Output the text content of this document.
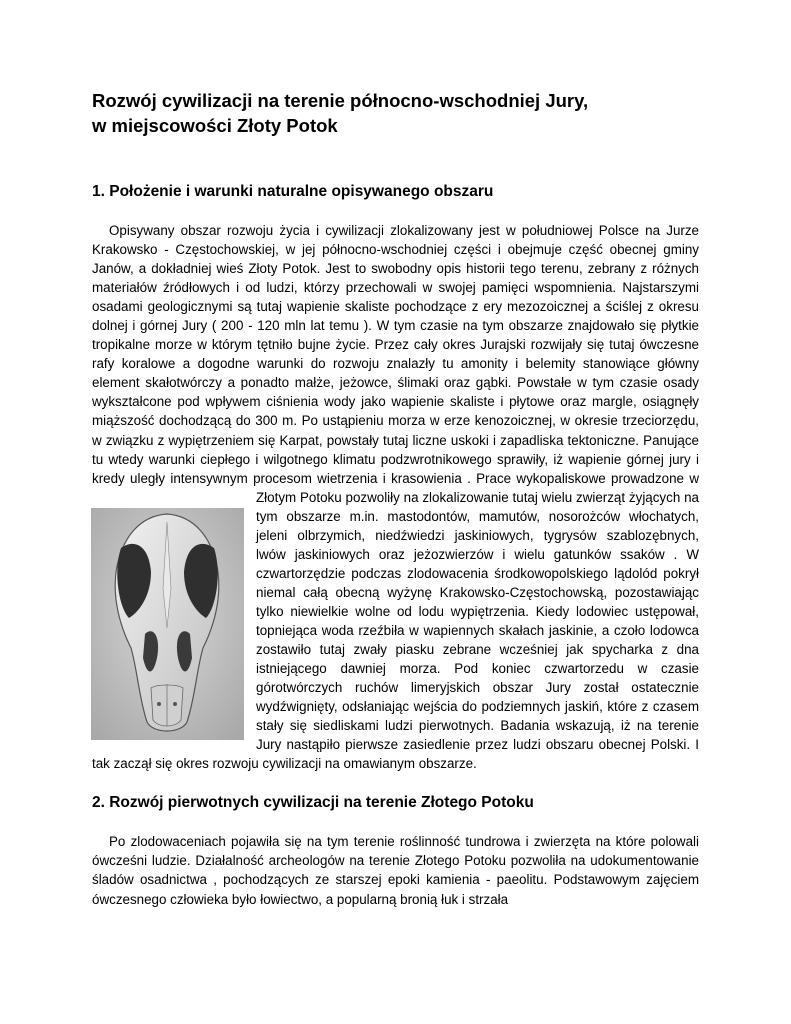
Rozwój cywilizacji na terenie północno-wschodniej Jury,
w miejscowości Złoty Potok
1. Położenie i warunki naturalne opisywanego obszaru

Opisywany obszar rozwoju życia i cywilizacji zlokalizowany jest w południowej Polsce na Jurze Krakowsko - Częstochowskiej, w jej północno-wschodniej części i obejmuje część obecnej gminy Janów, a dokładniej wieś Złoty Potok. Jest to swobodny opis historii tego terenu, zebrany z różnych materiałów źródłowych i od ludzi, którzy przechowali w swojej pamięci wspomnienia. Najstarszymi osadami geologicznymi są tutaj wapienie skaliste pochodzące z ery mezozoicznej a ściślej z okresu dolnej i górnej Jury ( 200 - 120 mln lat temu ). W tym czasie na tym obszarze znajdowało się płytkie tropikalne morze w którym tętniło bujne życie. Przez cały okres Jurajski rozwijały się tutaj ówczesne rafy koralowe a dogodne warunki do rozwoju znalazły tu amonity i belemity stanowiące główny element skałotwórczy a ponadto małże, jeżowce, ślimaki oraz gąbki. Powstałe w tym czasie osady wykształcone pod wpływem ciśnienia wody jako wapienie skaliste i płytowe oraz margle, osiągnęły miąższość dochodzącą do 300 m. Po ustąpieniu morza w erze kenozoicznej, w okresie trzeciorzędu, w związku z wypiętrzeniem się Karpat, powstały tutaj liczne uskoki i zapadliska tektoniczne. Panujące tu wtedy warunki ciepłego i wilgotnego klimatu podzwrotnikowego sprawiły, iż wapienie górnej jury i kredy uległy intensywnym procesom wietrzenia i krasowienia . Prace wykopaliskowe prowadzone w Złotym Potoku pozwoliły na zlokalizowanie tutaj wielu zwierząt żyjących na tym obszarze m.in. mastodontów, mamutów, nosorożców włochatych, jeleni olbrzymich, niedźwiedzi jaskiniowych, tygrysów szablozębnych, lwów jaskiniowych oraz jeżozwierzów i wielu gatunków ssaków . W czwartorzędzie podczas zlodowacenia środkowopolskiego lądolód pokrył niemal całą obecną wyżynę Krakowsko-Częstochowską, pozostawiając tylko niewielkie wolne od lodu wypiętrzenia. Kiedy lodowiec ustępował, topniejąca woda rzeźbiła w wapiennych skałach jaskinie, a czoło lodowca zostawiło tutaj zwały piasku zebrane wcześniej jak spycharka z dna istniejącego dawniej morza. Pod koniec czwartorzedu w czasie górotwórczych ruchów limeryjskich obszar Jury został ostatecznie wydźwignięty, odsłaniając wejścia do podziemnych jaskiń, które z czasem stały się siedliskami ludzi pierwotnych. Badania wskazują, iż na terenie Jury nastąpiło pierwsze zasiedlenie przez ludzi obszaru obecnej Polski. I tak zaczął się okres rozwoju cywilizacji na omawianym obszarze.

2. Rozwój pierwotnych cywilizacji na terenie Złotego Potoku

Po zlodowaceniach pojawiła się na tym terenie roślinność tundrowa i zwierzęta na które polowali ówcześni ludzie. Działalność archeologów na terenie Złotego Potoku pozwoliła na udokumentowanie śladów osadnictwa , pochodzących ze starszej epoki kamienia - paeolitu. Podstawowym zajęciem ówczesnego człowieka było łowiectwo, a popularną bronią łuk i strzała
